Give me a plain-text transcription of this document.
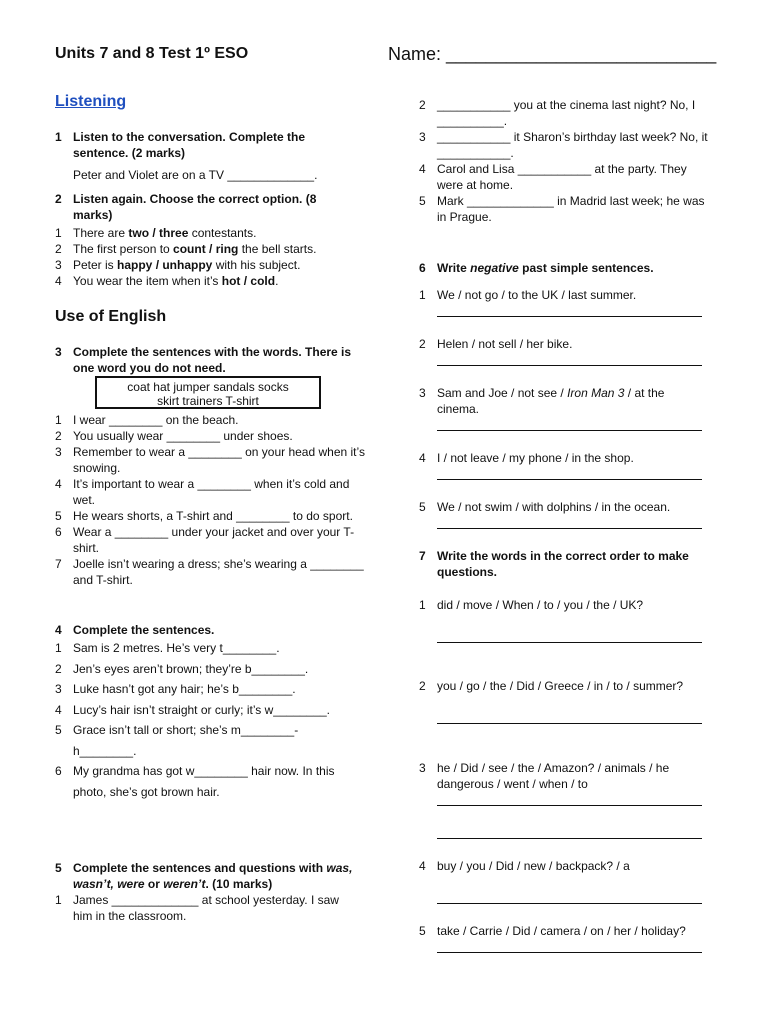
Units 7 and 8 Test 1º ESO	Name: ___________________________
Listening
1 Listen to the conversation. Complete the sentence. (2 marks)
Peter and Violet are on a TV _____________.
2 Listen again. Choose the correct option. (8 marks)
1 There are two / three contestants.
2 The first person to count / ring the bell starts.
3 Peter is happy / unhappy with his subject.
4 You wear the item when it’s hot / cold.
Use of English
3 Complete the sentences with the words. There is one word you do not need.
coat hat jumper sandals socks
skirt trainers T-shirt
1 I wear ________ on the beach.
2 You usually wear ________ under shoes.
3 Remember to wear a ________ on your head when it’s snowing.
4 It’s important to wear a ________ when it’s cold and wet.
5 He wears shorts, a T-shirt and ________ to do sport.
6 Wear a ________ under your jacket and over your T-shirt.
7 Joelle isn’t wearing a dress; she’s wearing a ________ and T-shirt.
4 Complete the sentences.
1 Sam is 2 metres. He’s very t________.
2 Jen’s eyes aren’t brown; they’re b________.
3 Luke hasn’t got any hair; he’s b________.
4 Lucy’s hair isn’t straight or curly; it’s w________.
5 Grace isn’t tall or short; she’s m________-h________.
6 My grandma has got w________ hair now. In this photo, she’s got brown hair.
5 Complete the sentences and questions with was, wasn’t, were or weren’t. (10 marks)
1 James _____________ at school yesterday. I saw him in the classroom.
2 ___________ you at the cinema last night? No, I __________.
3 ___________ it Sharon’s birthday last week? No, it ___________.
4 Carol and Lisa ___________ at the party. They were at home.
5 Mark _____________ in Madrid last week; he was in Prague.
6 Write negative past simple sentences.
1 We / not go / to the UK / last summer.
2 Helen / not sell / her bike.
3 Sam and Joe / not see / Iron Man 3 / at the cinema.
4 I / not leave / my phone / in the shop.
5 We / not swim / with dolphins / in the ocean.
7 Write the words in the correct order to make questions.
1 did / move / When / to / you / the / UK?
2 you / go / the / Did / Greece / in / to / summer?
3 he / Did / see / the / Amazon? / animals / he dangerous / went / when / to
4 buy / you / Did / new / backpack? / a
5 take / Carrie / Did / camera / on / her / holiday?
